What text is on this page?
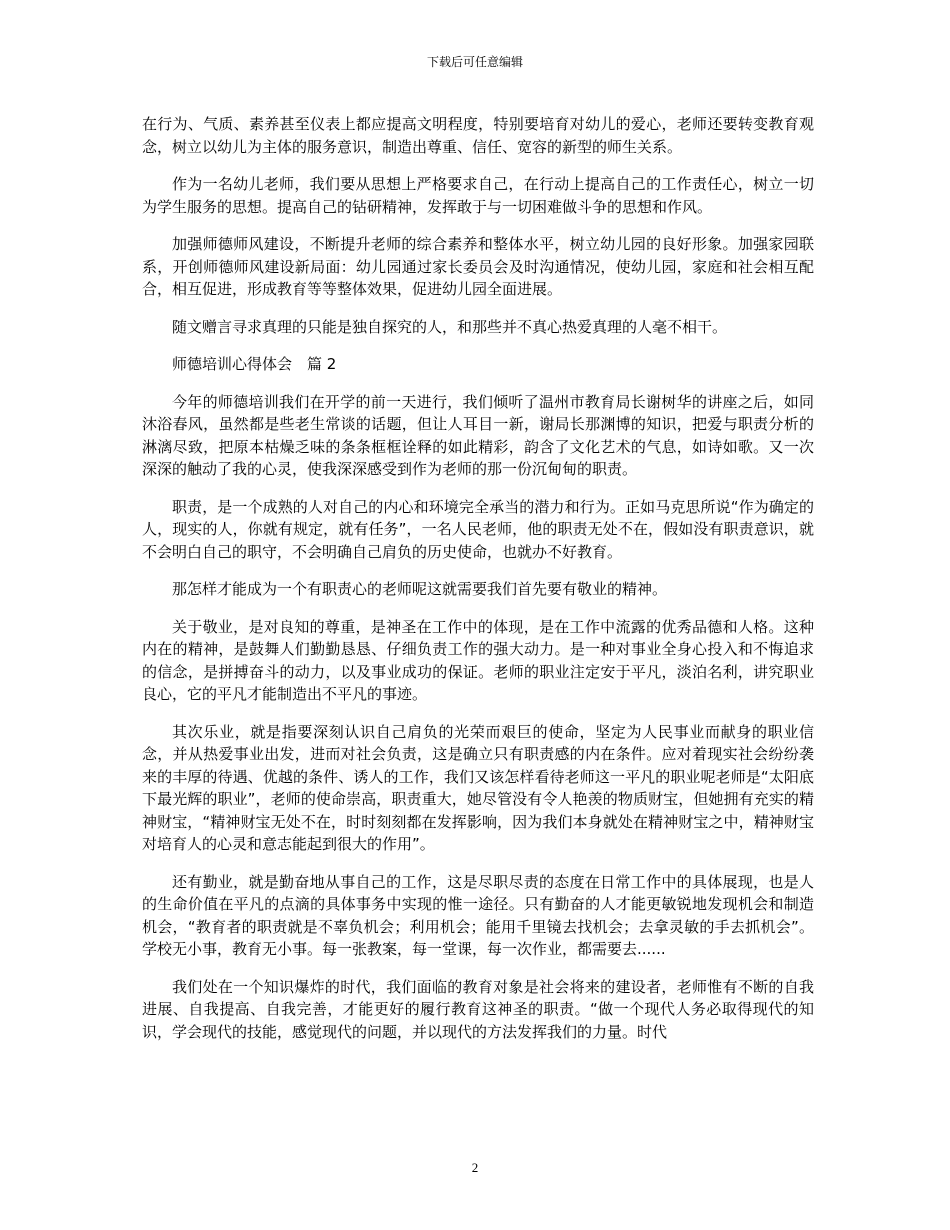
下载后可任意编辑

在行为、气质、素养甚至仪表上都应提高文明程度，特别要培育对幼儿的爱心，老师还要转变教育观念，树立以幼儿为主体的服务意识，制造出尊重、信任、宽容的新型的师生关系。

作为一名幼儿老师，我们要从思想上严格要求自己，在行动上提高自己的工作责任心，树立一切为学生服务的思想。提高自己的钻研精神，发挥敢于与一切困难做斗争的思想和作风。

加强师德师风建设，不断提升老师的综合素养和整体水平，树立幼儿园的良好形象。加强家园联系，开创师德师风建设新局面：幼儿园通过家长委员会及时沟通情况，使幼儿园，家庭和社会相互配合，相互促进，形成教育等等整体效果，促进幼儿园全面进展。

随文赠言寻求真理的只能是独自探究的人，和那些并不真心热爱真理的人毫不相干。

师德培训心得体会　篇 2

今年的师德培训我们在开学的前一天进行，我们倾听了温州市教育局长谢树华的讲座之后，如同沐浴春风，虽然都是些老生常谈的话题，但让人耳目一新，谢局长那渊博的知识，把爱与职责分析的淋漓尽致，把原本枯燥乏味的条条框框诠释的如此精彩，韵含了文化艺术的气息，如诗如歌。又一次深深的触动了我的心灵，使我深深感受到作为老师的那一份沉甸甸的职责。

职责，是一个成熟的人对自己的内心和环境完全承当的潜力和行为。正如马克思所说“作为确定的人，现实的人，你就有规定，就有任务”，一名人民老师，他的职责无处不在，假如没有职责意识，就不会明白自己的职守，不会明确自己肩负的历史使命，也就办不好教育。

那怎样才能成为一个有职责心的老师呢这就需要我们首先要有敬业的精神。

关于敬业，是对良知的尊重，是神圣在工作中的体现，是在工作中流露的优秀品德和人格。这种内在的精神，是鼓舞人们勤勤恳恳、仔细负责工作的强大动力。是一种对事业全身心投入和不悔追求的信念，是拼搏奋斗的动力，以及事业成功的保证。老师的职业注定安于平凡，淡泊名利，讲究职业良心，它的平凡才能制造出不平凡的事迹。

其次乐业，就是指要深刻认识自己肩负的光荣而艰巨的使命，坚定为人民事业而献身的职业信念，并从热爱事业出发，进而对社会负责，这是确立只有职责感的内在条件。应对着现实社会纷纷袭来的丰厚的待遇、优越的条件、诱人的工作，我们又该怎样看待老师这一平凡的职业呢老师是“太阳底下最光辉的职业”，老师的使命崇高，职责重大，她尽管没有令人艳羡的物质财宝，但她拥有充实的精神财宝，“精神财宝无处不在，时时刻刻都在发挥影响，因为我们本身就处在精神财宝之中，精神财宝对培育人的心灵和意志能起到很大的作用”。

还有勤业，就是勤奋地从事自己的工作，这是尽职尽责的态度在日常工作中的具体展现，也是人的生命价值在平凡的点滴的具体事务中实现的惟一途径。只有勤奋的人才能更敏锐地发现机会和制造机会，“教育者的职责就是不辜负机会；利用机会；能用千里镜去找机会；去拿灵敏的手去抓机会”。学校无小事，教育无小事。每一张教案，每一堂课，每一次作业，都需要去......

我们处在一个知识爆炸的时代，我们面临的教育对象是社会将来的建设者，老师惟有不断的自我进展、自我提高、自我完善，才能更好的履行教育这神圣的职责。“做一个现代人务必取得现代的知识，学会现代的技能，感觉现代的问题，并以现代的方法发挥我们的力量。时代

2
